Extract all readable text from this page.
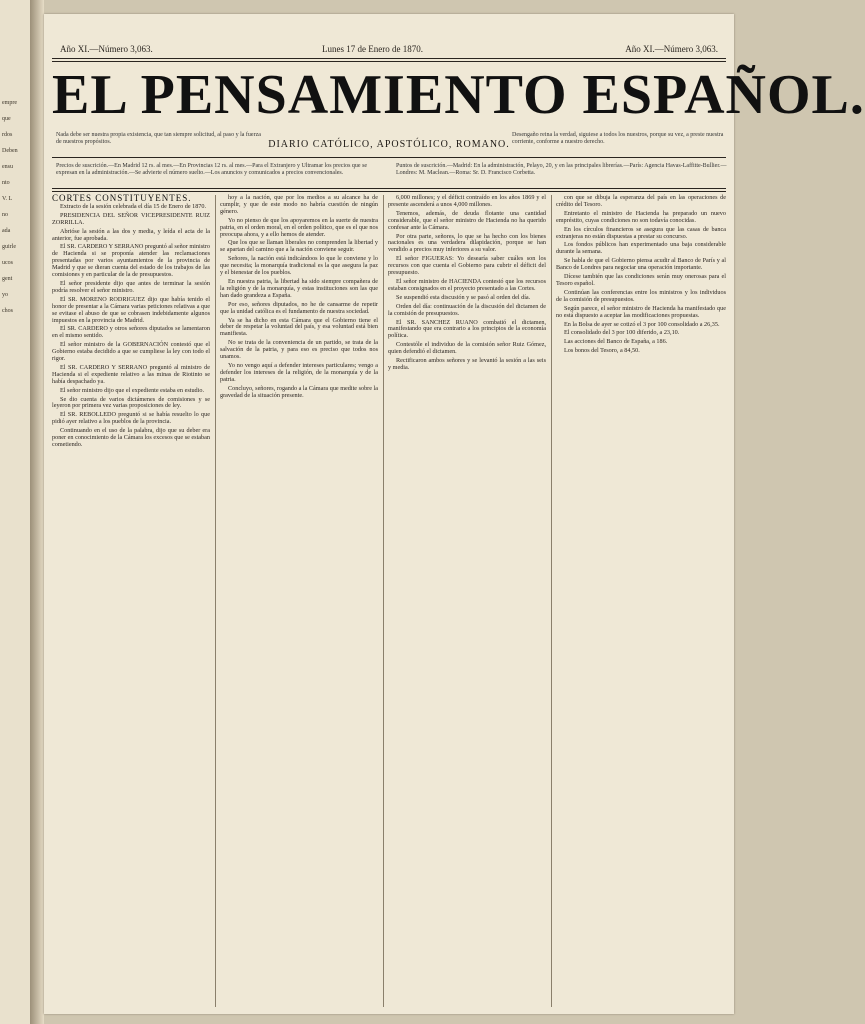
empre
que
rdos
Deben
ensu
nto
V. L
no
ada
guirle
ucos
gent
yo
chos
Año XI.—Número 3,063.	Lunes 17 de Enero de 1870.	Año XI.—Número 3,063.
EL PENSAMIENTO ESPAÑOL.
Nada debe ser nuestra propia existencia, que tan siempre solicitud, al paso y la fuerza de nuestros propósitos.	DIARIO CATÓLICO, APOSTÓLICO, ROMANO.
Desengaño reina la verdad, siguiese a todos los nuestros, porque su vez, a preste nuestra corriente, conforme a nuestro derecho.
Precios de suscrición.—En Madrid 12 rs. al mes.—En Provincias 12 rs. al mes.—Para el Extranjero y Ultramar los precios que se expresan en la administración.—Se advierte el número suelto.—Los anuncios y comunicados a precios convencionales.
Puntos de suscrición.—Madrid: En la administración, Pelayo, 20, y en las principales librerías.—París: Agencia Havas-Laffitte-Bullier.—Londres: M. Maclean.—Roma: Sr. D. Francisco Corbetta.

CORTES CONSTITUYENTES.

Extracto de la sesión celebrada el día 15 de Enero de 1870.

PRESIDENCIA DEL SEÑOR VICEPRESIDENTE RUIZ ZORRILLA.

Abrióse la sesión a las dos y media, y leída el acta de la anterior, fue aprobada.

El SR. CARDERO Y SERRANO preguntó al señor ministro de Hacienda si se proponía atender las reclamaciones presentadas por varios ayuntamientos de la provincia de Madrid y que se dieran cuenta del estado de los trabajos de las comisiones y en particular de la de presupuestos.

El señor presidente dijo que antes de terminar la sesión podría resolver el señor ministro.

El SR. MORENO RODRIGUEZ dijo que había tenido el honor de presentar a la Cámara varias peticiones relativas a que se evitase el abuso de que se cobrasen indebidamente algunos impuestos en la provincia de Madrid.

El SR. CARDERO y otros señores diputados se lamentaron en el mismo sentido.

El señor ministro de la GOBERNACIÓN contestó que el Gobierno estaba decidido a que se cumpliese la ley con todo el rigor.

El SR. CARDERO Y SERRANO preguntó al ministro de Hacienda si el expediente relativo a las minas de Riotinto se había despachado ya.

El señor ministro dijo que el expediente estaba en estudio.

Se dio cuenta de varios dictámenes de comisiones y se leyeron por primera vez varias proposiciones de ley.

El SR. REBOLLEDO preguntó si se había resuelto lo que pidió ayer relativo a los pueblos de la provincia.

Continuando en el uso de la palabra, dijo que su deber era poner en conocimiento de la Cámara los excesos que se estaban cometiendo.

hoy a la nación, que por los medios a su alcance ha de cumplir, y que de este modo no habría cuestión de ningún género.

Yo no pienso de que los apoyaremos en la suerte de nuestra patria, en el orden moral, en el orden político, que es el que nos preocupa ahora, y a ello hemos de atender.

Que los que se llaman liberales no comprenden la libertad y se apartan del camino que a la nación conviene seguir.

Señores, la nación está indicándoos lo que le conviene y lo que necesita; la monarquía tradicional es la que asegura la paz y el bienestar de los pueblos.

En nuestra patria, la libertad ha sido siempre compañera de la religión y de la monarquía, y estas instituciones son las que han dado grandeza a España.

Por eso, señores diputados, no he de cansarme de repetir que la unidad católica es el fundamento de nuestra sociedad.

Ya se ha dicho en esta Cámara que el Gobierno tiene el deber de respetar la voluntad del país, y esa voluntad está bien manifiesta.

No se trata de la conveniencia de un partido, se trata de la salvación de la patria, y para eso es preciso que todos nos unamos.

Yo no vengo aquí a defender intereses particulares; vengo a defender los intereses de la religión, de la monarquía y de la patria.

Concluyo, señores, rogando a la Cámara que medite sobre la gravedad de la situación presente.

6,000 millones; y el déficit contraído en los años 1869 y el presente ascenderá a unos 4,000 millones.

Tenemos, además, de deuda flotante una cantidad considerable, que el señor ministro de Hacienda no ha querido confesar ante la Cámara.

Por otra parte, señores, lo que se ha hecho con los bienes nacionales es una verdadera dilapidación, porque se han vendido a precios muy inferiores a su valor.

El señor FIGUERAS: Yo desearía saber cuáles son los recursos con que cuenta el Gobierno para cubrir el déficit del presupuesto.

El señor ministro de HACIENDA contestó que los recursos estaban consignados en el proyecto presentado a las Cortes.

Se suspendió esta discusión y se pasó al orden del día.

Orden del día: continuación de la discusión del dictamen de la comisión de presupuestos.

El SR. SANCHEZ RUANO combatió el dictamen, manifestando que era contrario a los principios de la economía política.

Contestóle el individuo de la comisión señor Ruiz Gómez, quien defendió el dictamen.

Rectificaron ambos señores y se levantó la sesión a las seis y media.

con que se dibuja la esperanza del país en las operaciones de crédito del Tesoro.

Entretanto el ministro de Hacienda ha preparado un nuevo empréstito, cuyas condiciones no son todavía conocidas.

En los círculos financieros se asegura que las casas de banca extranjeras no están dispuestas a prestar su concurso.

Los fondos públicos han experimentado una baja considerable durante la semana.

Se habla de que el Gobierno piensa acudir al Banco de París y al Banco de Londres para negociar una operación importante.

Dícese también que las condiciones serán muy onerosas para el Tesoro español.

Continúan las conferencias entre los ministros y los individuos de la comisión de presupuestos.

Según parece, el señor ministro de Hacienda ha manifestado que no está dispuesto a aceptar las modificaciones propuestas.

En la Bolsa de ayer se cotizó el 3 por 100 consolidado a 26,35.

El consolidado del 3 por 100 diferido, a 23,10.

Las acciones del Banco de España, a 186.

Los bonos del Tesoro, a 84,50.
